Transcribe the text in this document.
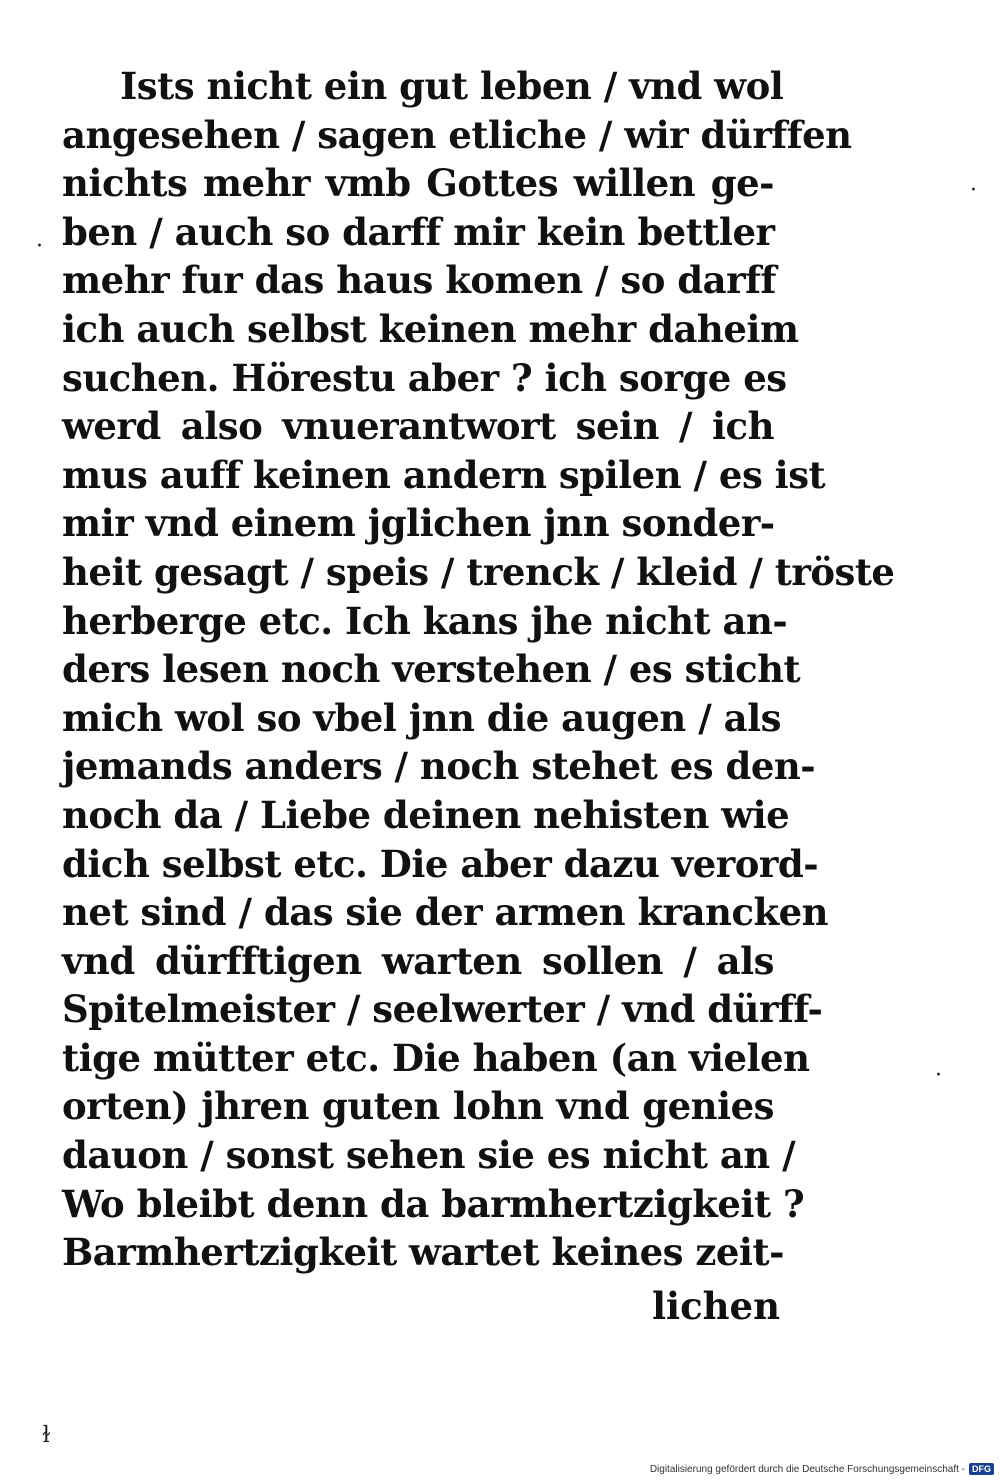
Ists nicht ein gut leben / vnd wol
angesehen / sagen etliche / wir dürffen
nichts mehr vmb Gottes willen ge-
ben / auch so darff mir kein bettler
mehr fur das haus komen / so darff
ich auch selbst keinen mehr daheim
suchen. Hörestu aber ? ich sorge es
werd also vnuerantwort sein / ich
mus auff keinen andern spilen / es ist
mir vnd einem jglichen jnn sonder-
heit gesagt / speis / trenck / kleid / tröste
herberge etc. Ich kans jhe nicht an-
ders lesen noch verstehen / es sticht
mich wol so vbel jnn die augen / als
jemands anders / noch stehet es den-
noch da / Liebe deinen nehisten wie
dich selbst etc. Die aber dazu verord-
net sind / das sie der armen krancken
vnd dürfftigen warten sollen / als
Spitelmeister / seelwerter / vnd dürff-
tige mütter etc. Die haben (an vielen
orten) jhren guten lohn vnd genies
dauon / sonst sehen sie es nicht an /
Wo bleibt denn da barmhertzigkeit ?
Barmhertzigkeit wartet keines zeit-
lichen
·
·
ɫ
·
Digitalisierung gefördert durch die Deutsche Forschungsgemeinschaft - DFG
